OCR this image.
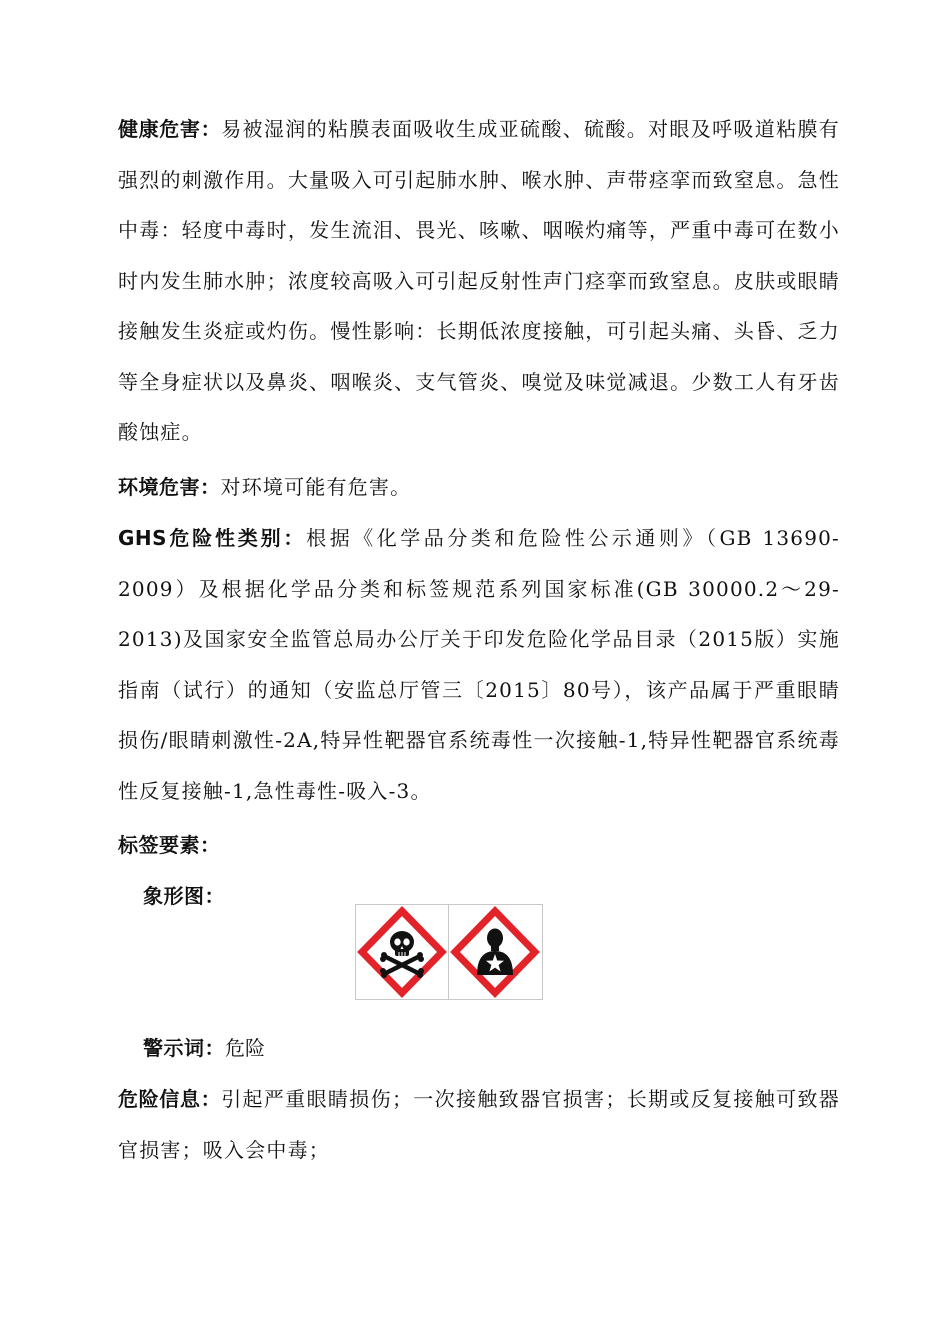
健康危害：易被湿润的粘膜表面吸收生成亚硫酸、硫酸。对眼及呼吸道粘膜有强烈的刺激作用。大量吸入可引起肺水肿、喉水肿、声带痉挛而致窒息。急性中毒：轻度中毒时，发生流泪、畏光、咳嗽、咽喉灼痛等，严重中毒可在数小时内发生肺水肿；浓度较高吸入可引起反射性声门痉挛而致窒息。皮肤或眼睛接触发生炎症或灼伤。慢性影响：长期低浓度接触，可引起头痛、头昏、乏力等全身症状以及鼻炎、咽喉炎、支气管炎、嗅觉及味觉减退。少数工人有牙齿酸蚀症。

环境危害：对环境可能有危害。

GHS危险性类别：根据《化学品分类和危险性公示通则》（GB 13690-2009）及根据化学品分类和标签规范系列国家标准(GB 30000.2～29-2013)及国家安全监管总局办公厅关于印发危险化学品目录（2015版）实施指南（试行）的通知（安监总厅管三〔2015〕80号），该产品属于严重眼睛损伤/眼睛刺激性-2A,特异性靶器官系统毒性一次接触-1,特异性靶器官系统毒性反复接触-1,急性毒性-吸入-3。

标签要素：

象形图：

警示词：危险

危险信息：引起严重眼睛损伤；一次接触致器官损害；长期或反复接触可致器官损害；吸入会中毒；
